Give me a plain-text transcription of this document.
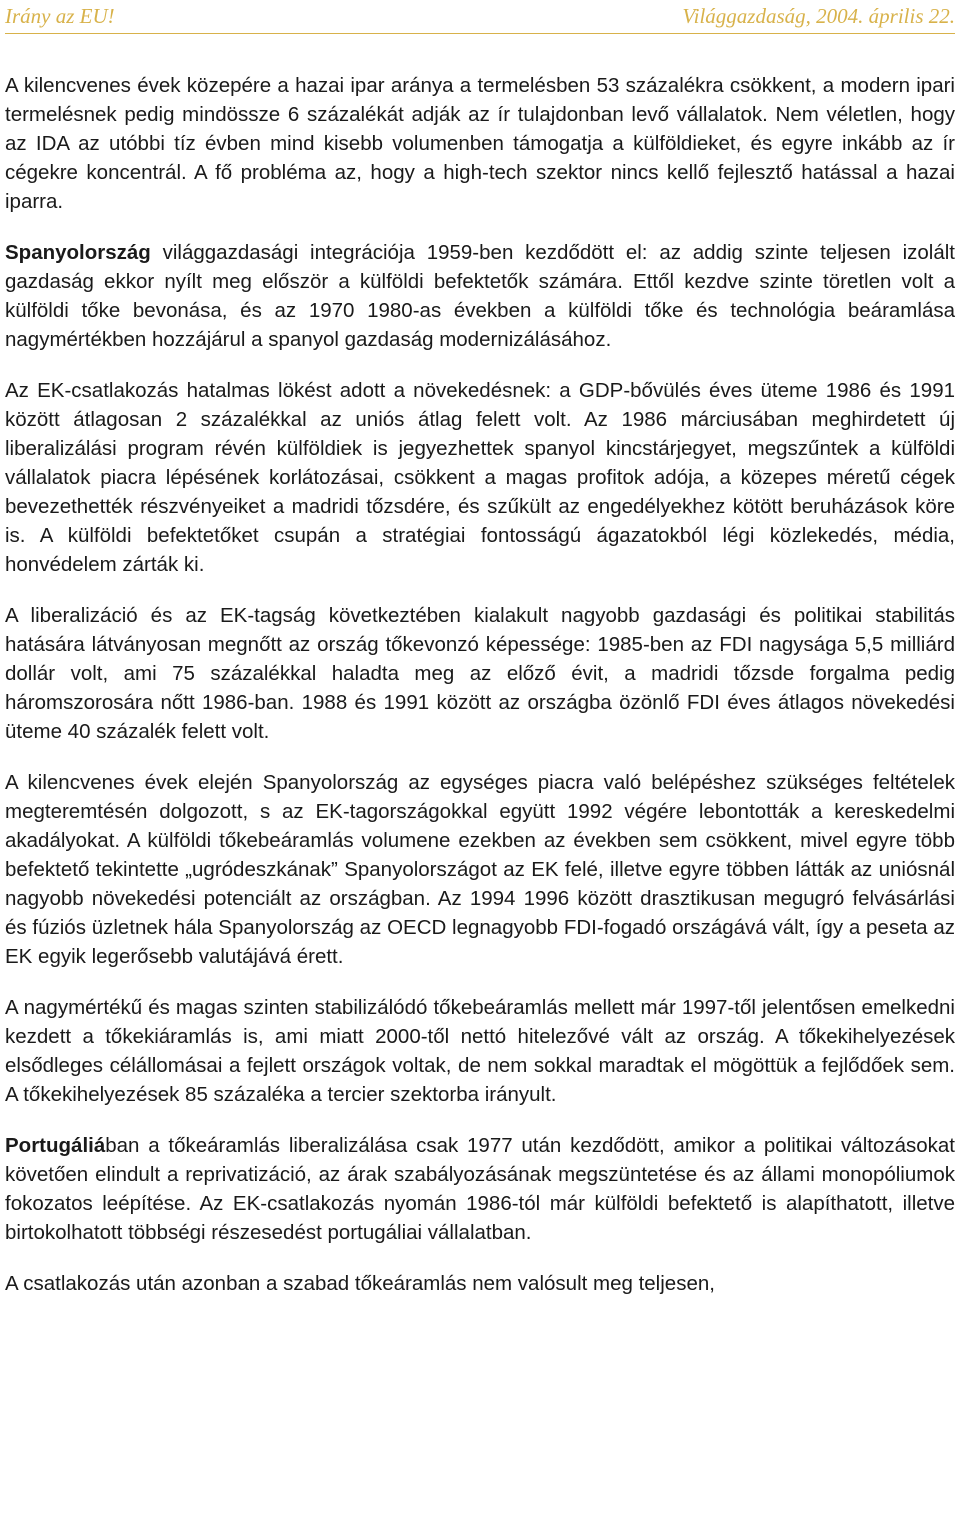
Irány az EU!	Világgazdaság, 2004. április 22.

A kilencvenes évek közepére a hazai ipar aránya a termelésben 53 százalékra csökkent, a modern ipari termelésnek pedig mindössze 6 százalékát adják az ír tulajdonban levő vállalatok. Nem véletlen, hogy az IDA az utóbbi tíz évben mind kisebb volumenben támogatja a külföldieket, és egyre inkább az ír cégekre koncentrál. A fő probléma az, hogy a high-tech szektor nincs kellő fejlesztő hatással a hazai iparra.

Spanyolország világgazdasági integrációja 1959-ben kezdődött el: az addig szinte teljesen izolált gazdaság ekkor nyílt meg először a külföldi befektetők számára. Ettől kezdve szinte töretlen volt a külföldi tőke bevonása, és az 1970 1980-as években a külföldi tőke és technológia beáramlása nagymértékben hozzájárul a spanyol gazdaság modernizálásához.

Az EK-csatlakozás hatalmas lökést adott a növekedésnek: a GDP-bővülés éves üteme 1986 és 1991 között átlagosan 2 százalékkal az uniós átlag felett volt. Az 1986 márciusában meghirdetett új liberalizálási program révén külföldiek is jegyezhettek spanyol kincstárjegyet, megszűntek a külföldi vállalatok piacra lépésének korlátozásai, csökkent a magas profitok adója, a közepes méretű cégek bevezethették részvényeiket a madridi tőzsdére, és szűkült az engedélyekhez kötött beruházások köre is. A külföldi befektetőket csupán a stratégiai fontosságú ágazatokból légi közlekedés, média, honvédelem zárták ki.

A liberalizáció és az EK-tagság következtében kialakult nagyobb gazdasági és politikai stabilitás hatására látványosan megnőtt az ország tőkevonzó képessége: 1985-ben az FDI nagysága 5,5 milliárd dollár volt, ami 75 százalékkal haladta meg az előző évit, a madridi tőzsde forgalma pedig háromszorosára nőtt 1986-ban. 1988 és 1991 között az országba özönlő FDI éves átlagos növekedési üteme 40 százalék felett volt.

A kilencvenes évek elején Spanyolország az egységes piacra való belépéshez szükséges feltételek megteremtésén dolgozott, s az EK-tagországokkal együtt 1992 végére lebontották a kereskedelmi akadályokat. A külföldi tőkebeáramlás volumene ezekben az években sem csökkent, mivel egyre több befektető tekintette „ugródeszkának” Spanyolországot az EK felé, illetve egyre többen látták az uniósnál nagyobb növekedési potenciált az országban. Az 1994 1996 között drasztikusan megugró felvásárlási és fúziós üzletnek hála Spanyolország az OECD legnagyobb FDI-fogadó országává vált, így a peseta az EK egyik legerősebb valutájává érett.

A nagymértékű és magas szinten stabilizálódó tőkebeáramlás mellett már 1997-től jelentősen emelkedni kezdett a tőkekiáramlás is, ami miatt 2000-től nettó hitelezővé vált az ország. A tőkekihelyezések elsődleges célállomásai a fejlett országok voltak, de nem sokkal maradtak el mögöttük a fejlődőek sem. A tőkekihelyezések 85 százaléka a tercier szektorba irányult.

Portugáliában a tőkeáramlás liberalizálása csak 1977 után kezdődött, amikor a politikai változásokat követően elindult a reprivatizáció, az árak szabályozásának megszüntetése és az állami monopóliumok fokozatos leépítése. Az EK-csatlakozás nyomán 1986-tól már külföldi befektető is alapíthatott, illetve birtokolhatott többségi részesedést portugáliai vállalatban.

A csatlakozás után azonban a szabad tőkeáramlás nem valósult meg teljesen,
